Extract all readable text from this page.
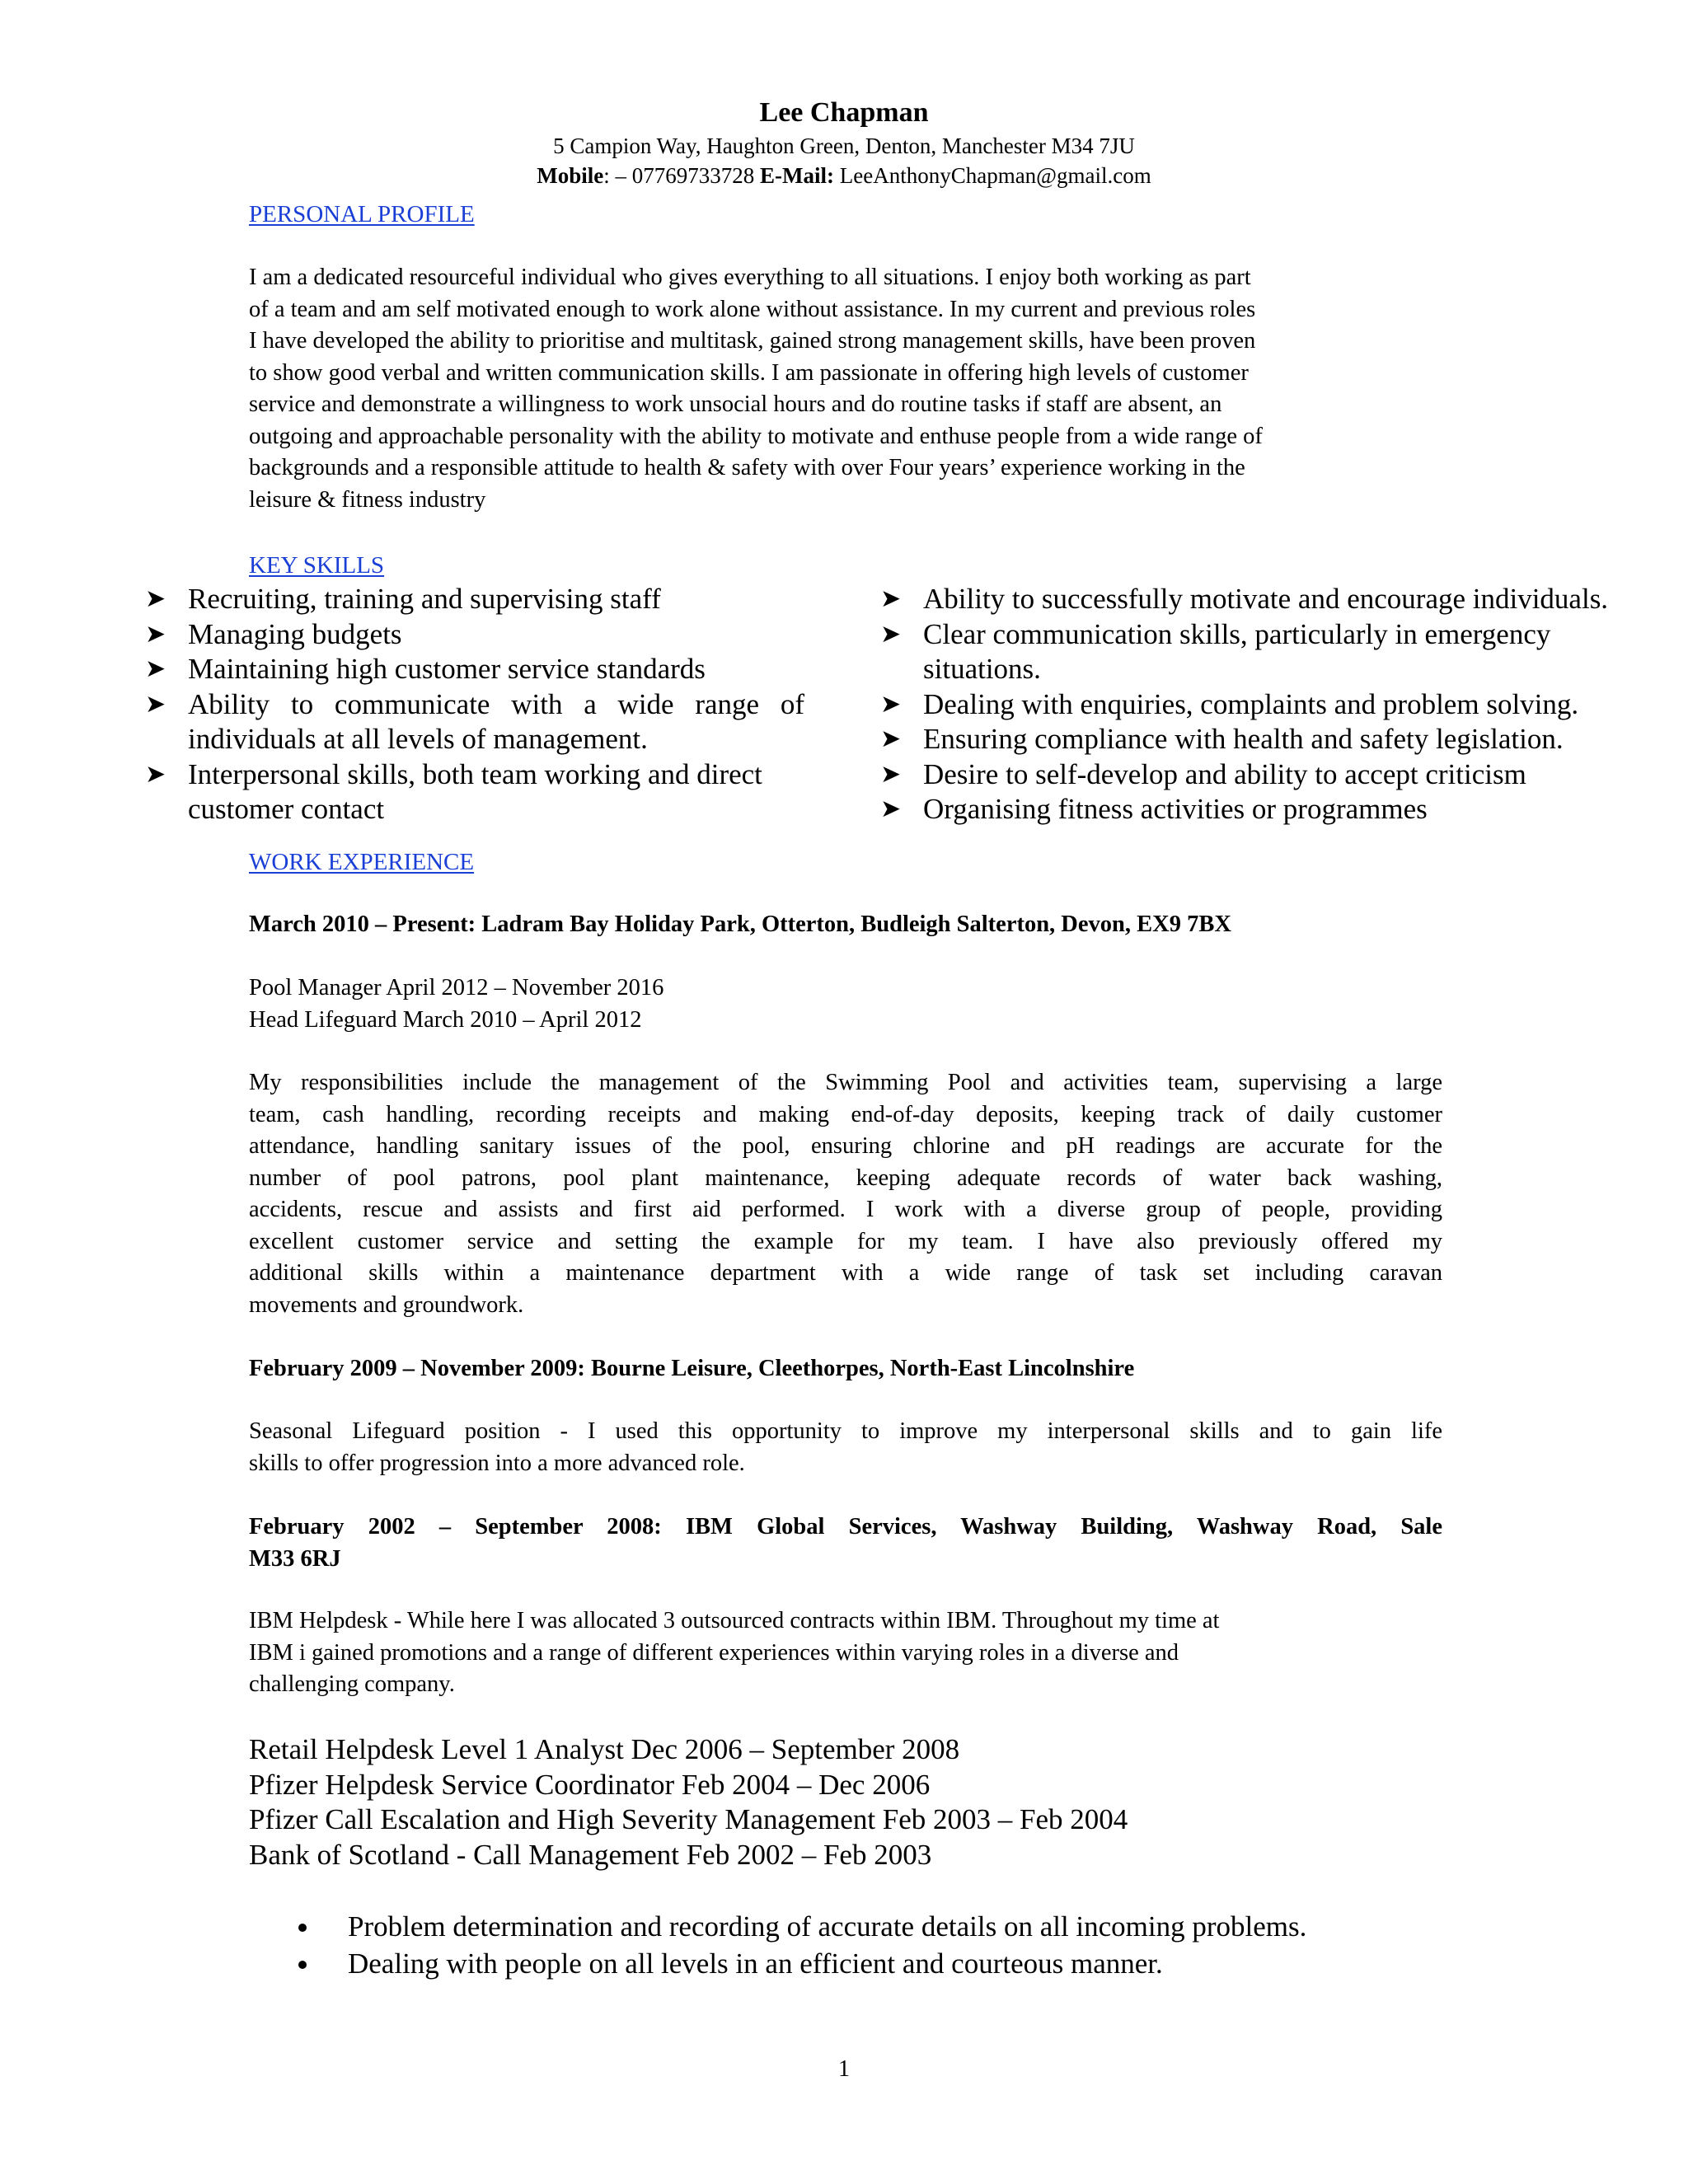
Lee Chapman
5 Campion Way, Haughton Green, Denton, Manchester M34 7JU
Mobile: – 07769733728 E-Mail: LeeAnthonyChapman@gmail.com
PERSONAL PROFILE
I am a dedicated resourceful individual who gives everything to all situations. I enjoy both working as part
of a team and am self motivated enough to work alone without assistance. In my current and previous roles
I have developed the ability to prioritise and multitask, gained strong management skills, have been proven
to show good verbal and written communication skills. I am passionate in offering high levels of customer
service and demonstrate a willingness to work unsocial hours and do routine tasks if staff are absent, an
outgoing and approachable personality with the ability to motivate and enthuse people from a wide range of
backgrounds and a responsible attitude to health & safety with over Four years’ experience working in the
leisure & fitness industry
KEY SKILLS
➤ Recruiting, training and supervising staff
➤ Managing budgets
➤ Maintaining high customer service standards
➤ Ability to communicate with a wide range of
individuals at all levels of management.
➤ Interpersonal skills, both team working and direct
customer contact
➤ Ability to successfully motivate and encourage individuals.
➤ Clear communication skills, particularly in emergency
situations.
➤ Dealing with enquiries, complaints and problem solving.
➤ Ensuring compliance with health and safety legislation.
➤ Desire to self-develop and ability to accept criticism
➤ Organising fitness activities or programmes
WORK EXPERIENCE
March 2010 – Present: Ladram Bay Holiday Park, Otterton, Budleigh Salterton, Devon, EX9 7BX
Pool Manager April 2012 – November 2016
Head Lifeguard March 2010 – April 2012
My responsibilities include the management of the Swimming Pool and activities team, supervising a large
team, cash handling, recording receipts and making end-of-day deposits, keeping track of daily customer
attendance, handling sanitary issues of the pool, ensuring chlorine and pH readings are accurate for the
number of pool patrons, pool plant maintenance, keeping adequate records of water back washing,
accidents, rescue and assists and first aid performed. I work with a diverse group of people, providing
excellent customer service and setting the example for my team. I have also previously offered my
additional skills within a maintenance department with a wide range of task set including caravan
movements and groundwork.
February 2009 – November 2009: Bourne Leisure, Cleethorpes, North-East Lincolnshire
Seasonal Lifeguard position - I used this opportunity to improve my interpersonal skills and to gain life
skills to offer progression into a more advanced role.
February 2002 – September 2008: IBM Global Services, Washway Building, Washway Road, Sale
M33 6RJ
IBM Helpdesk - While here I was allocated 3 outsourced contracts within IBM. Throughout my time at
IBM i gained promotions and a range of different experiences within varying roles in a diverse and
challenging company.
Retail Helpdesk Level 1 Analyst Dec 2006 – September 2008
Pfizer Helpdesk Service Coordinator Feb 2004 – Dec 2006
Pfizer Call Escalation and High Severity Management Feb 2003 – Feb 2004
Bank of Scotland - Call Management Feb 2002 – Feb 2003
Problem determination and recording of accurate details on all incoming problems.
Dealing with people on all levels in an efficient and courteous manner.
1
